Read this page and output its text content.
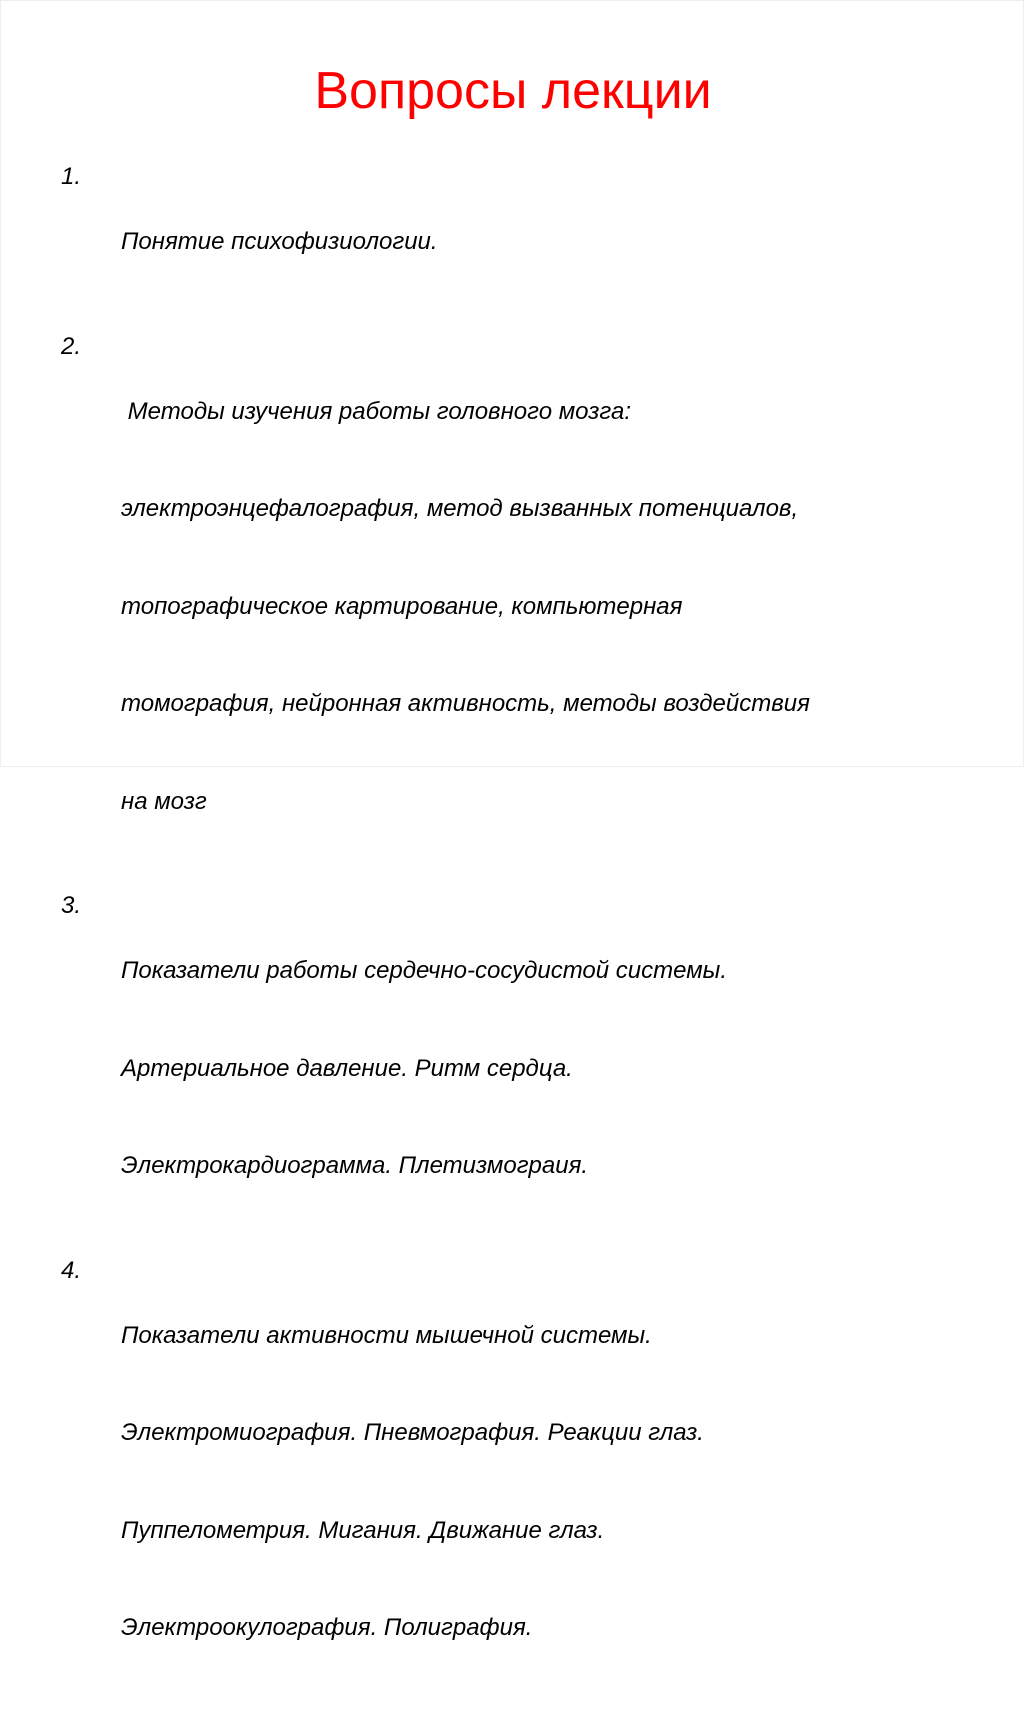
Вопросы лекции
1.

Понятие психофизиологии.

2.

Методы изучения работы головного мозга:

электроэнцефалография, метод вызванных потенциалов,

топографическое картирование, компьютерная

томография, нейронная активность, методы воздействия

на мозг

3.

Показатели работы сердечно-сосудистой системы.

Артериальное давление. Ритм сердца.

Электрокардиограмма. Плетизмограия.

4.

Показатели активности мышечной системы.

Электромиография. Пневмография. Реакции глаз.

Пуппелометрия. Мигания. Движание глаз.

Электроокулография. Полиграфия.
